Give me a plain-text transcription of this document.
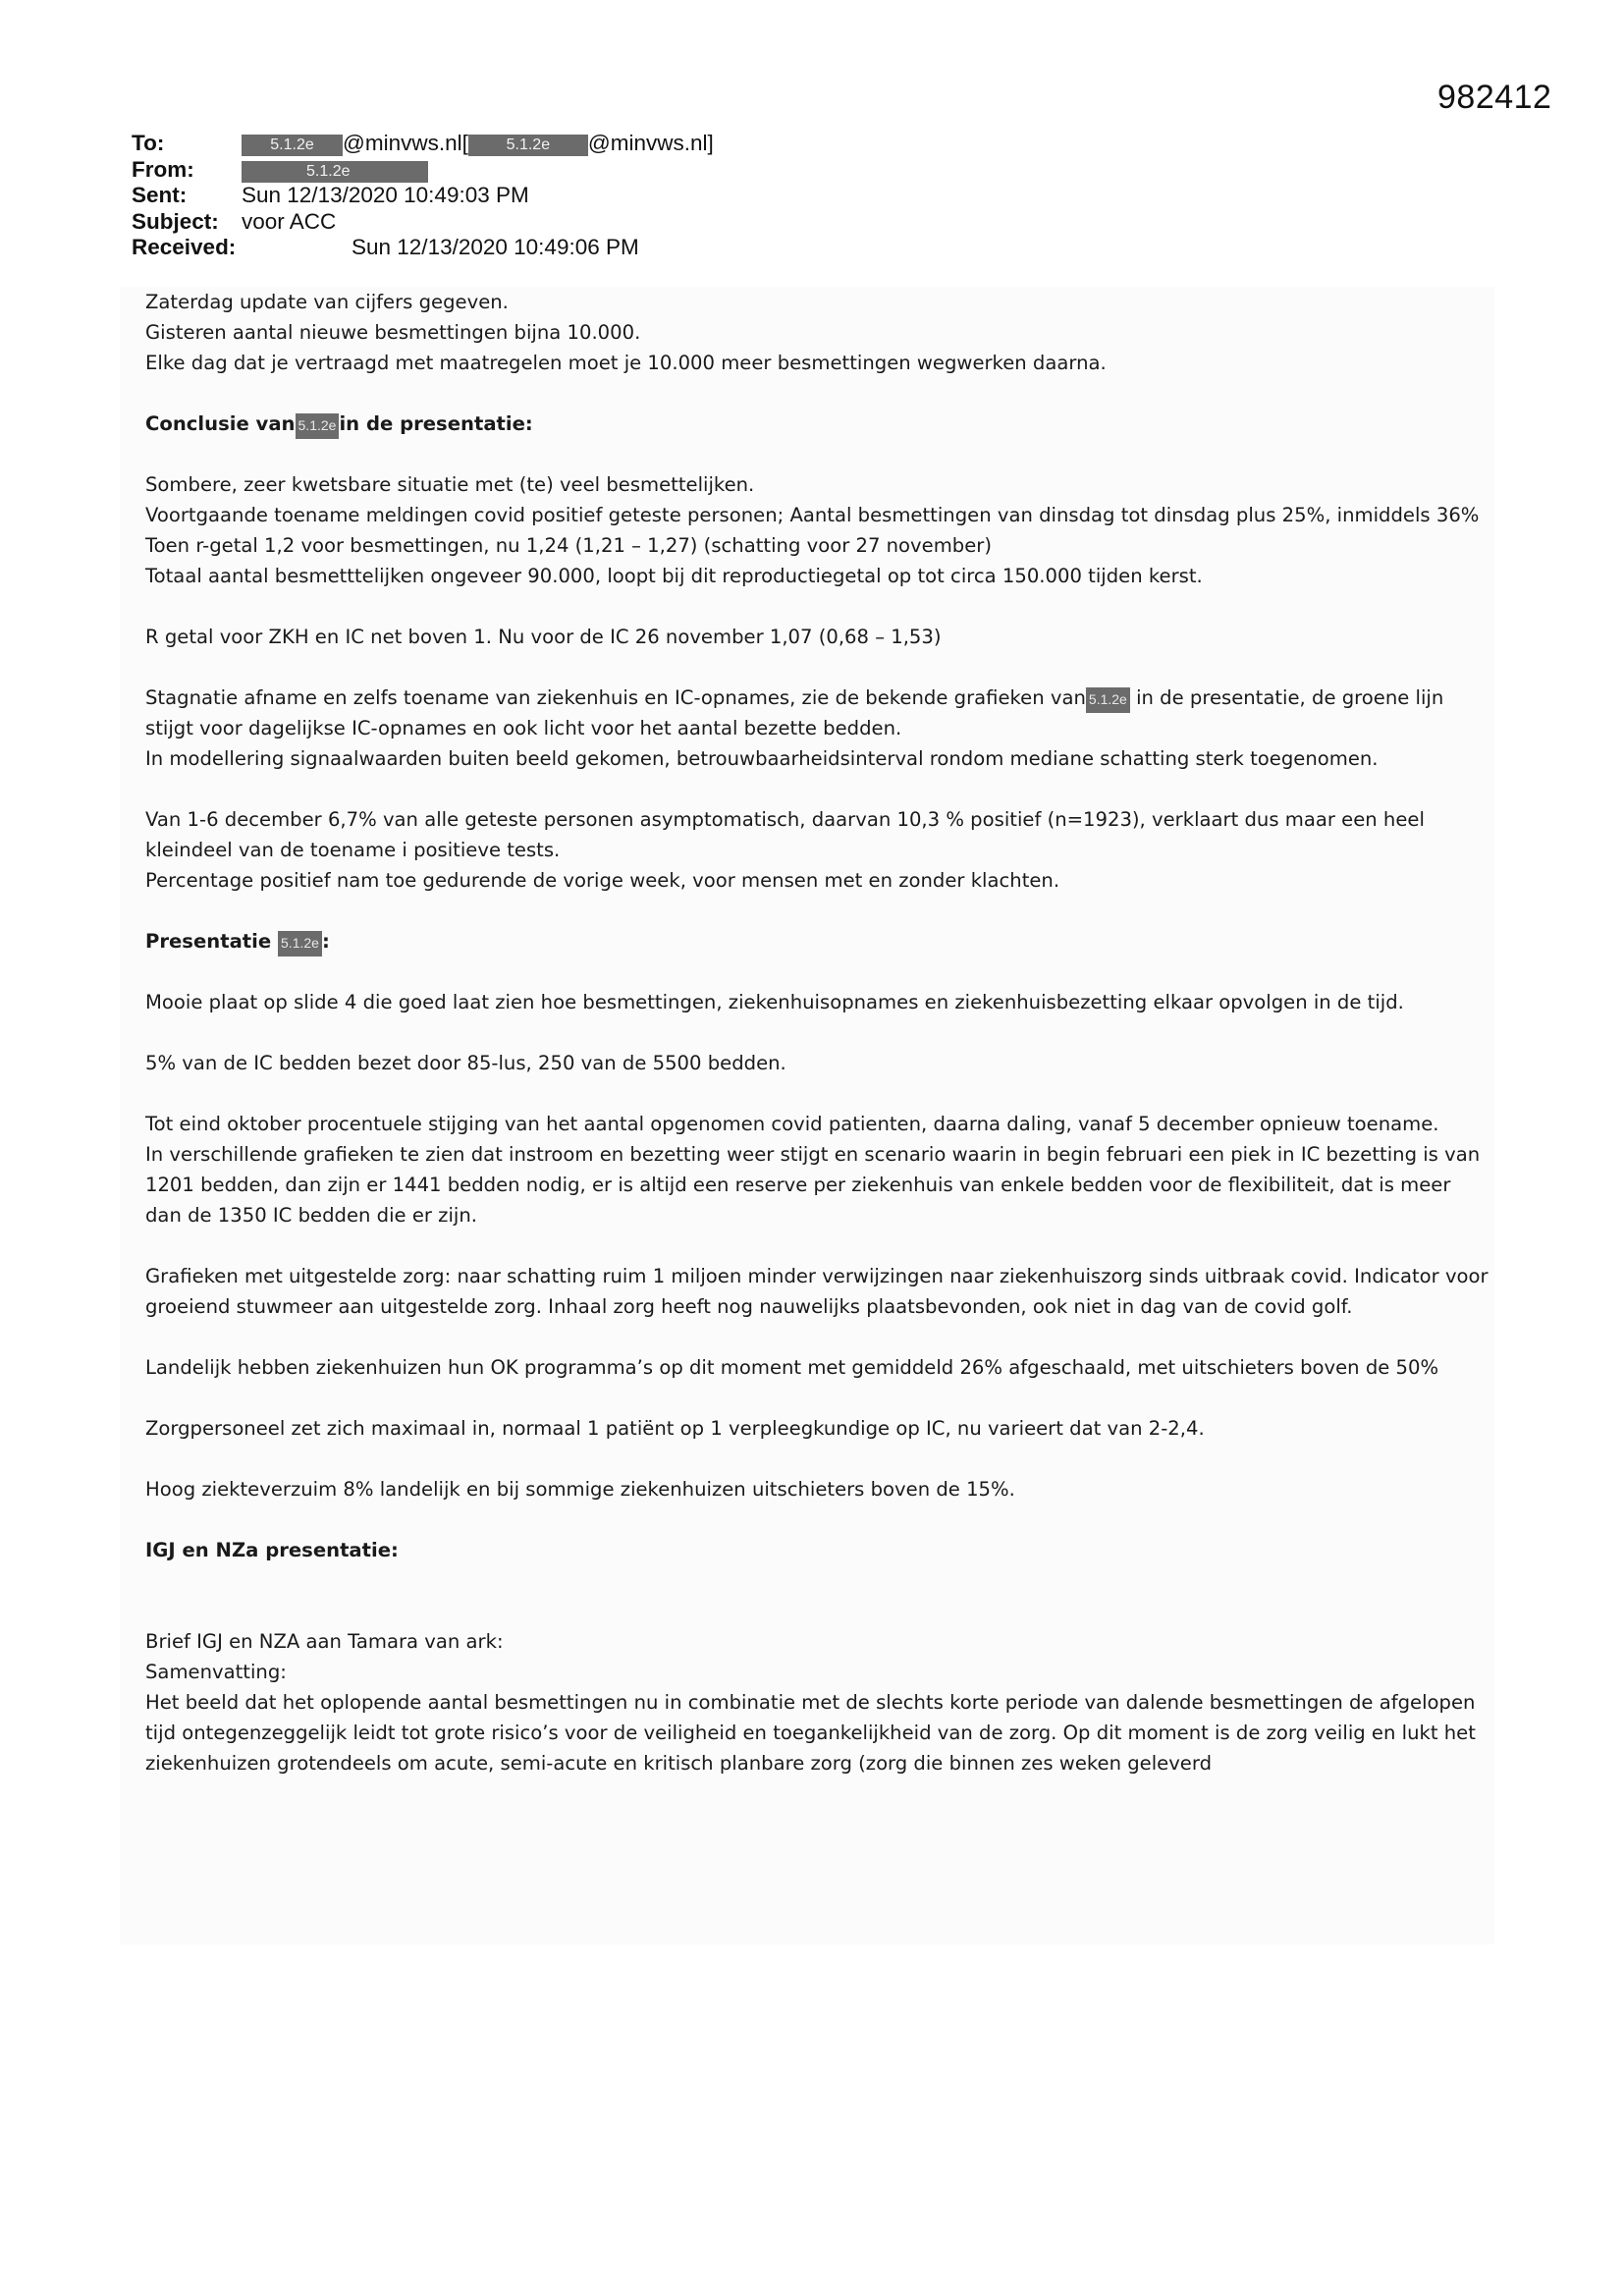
982412
To:	5.1.2e @minvws.nl[ 5.1.2e @minvws.nl]
From:	5.1.2e
Sent: Sun 12/13/2020 10:49:03 PM
Subject: voor ACC
Received:	Sun 12/13/2020 10:49:06 PM

Zaterdag update van cijfers gegeven.

Gisteren aantal nieuwe besmettingen bijna 10.000.

Elke dag dat je vertraagd met maatregelen moet je 10.000 meer besmettingen wegwerken daarna.

Conclusie van 5.1.2e in de presentatie:

Sombere, zeer kwetsbare situatie met (te) veel besmettelijken.

Voortgaande toename meldingen covid positief geteste personen; Aantal besmettingen van dinsdag tot dinsdag plus 25%, inmiddels 36%

Toen r-getal 1,2 voor besmettingen, nu 1,24 (1,21 – 1,27) (schatting voor 27 november)

Totaal aantal besmetttelijken ongeveer 90.000, loopt bij dit reproductiegetal op tot circa 150.000 tijden kerst.

R getal voor ZKH en IC net boven 1. Nu voor de IC 26 november 1,07 (0,68 – 1,53)

Stagnatie afname en zelfs toename van ziekenhuis en IC-opnames, zie de bekende grafieken van 5.1.2e in de presentatie, de groene lijn stijgt voor dagelijkse IC-opnames en ook licht voor het aantal bezette bedden.

In modellering signaalwaarden buiten beeld gekomen, betrouwbaarheidsinterval rondom mediane schatting sterk toegenomen.

Van 1-6 december 6,7% van alle geteste personen asymptomatisch, daarvan 10,3 % positief (n=1923), verklaart dus maar een heel kleindeel van de toename i positieve tests.

Percentage positief nam toe gedurende de vorige week, voor mensen met en zonder klachten.

Presentatie 5.1.2e :

Mooie plaat op slide 4 die goed laat zien hoe besmettingen, ziekenhuisopnames en ziekenhuisbezetting elkaar opvolgen in de tijd.

5% van de IC bedden bezet door 85-lus, 250 van de 5500 bedden.

Tot eind oktober procentuele stijging van het aantal opgenomen covid patienten, daarna daling, vanaf 5 december opnieuw toename.

In verschillende grafieken te zien dat instroom en bezetting weer stijgt en scenario waarin in begin februari een piek in IC bezetting is van 1201 bedden, dan zijn er 1441 bedden nodig, er is altijd een reserve per ziekenhuis van enkele bedden voor de flexibiliteit, dat is meer dan de 1350 IC bedden die er zijn.

Grafieken met uitgestelde zorg: naar schatting ruim 1 miljoen minder verwijzingen naar ziekenhuiszorg sinds uitbraak covid. Indicator voor groeiend stuwmeer aan uitgestelde zorg. Inhaal zorg heeft nog nauwelijks plaatsbevonden, ook niet in dag van de covid golf.

Landelijk hebben ziekenhuizen hun OK programma’s op dit moment met gemiddeld 26% afgeschaald, met uitschieters boven de 50%

Zorgpersoneel zet zich maximaal in, normaal 1 patiënt op 1 verpleegkundige op IC, nu varieert dat van 2-2,4.

Hoog ziekteverzuim 8% landelijk en bij sommige ziekenhuizen uitschieters boven de 15%.

IGJ en NZa presentatie:

Brief IGJ en NZA aan Tamara van ark:

Samenvatting:

Het beeld dat het oplopende aantal besmettingen nu in combinatie met de slechts korte periode van dalende besmettingen de afgelopen tijd ontegenzeggelijk leidt tot grote risico’s voor de veiligheid en toegankelijkheid van de zorg. Op dit moment is de zorg veilig en lukt het ziekenhuizen grotendeels om acute, semi-acute en kritisch planbare zorg (zorg die binnen zes weken geleverd
